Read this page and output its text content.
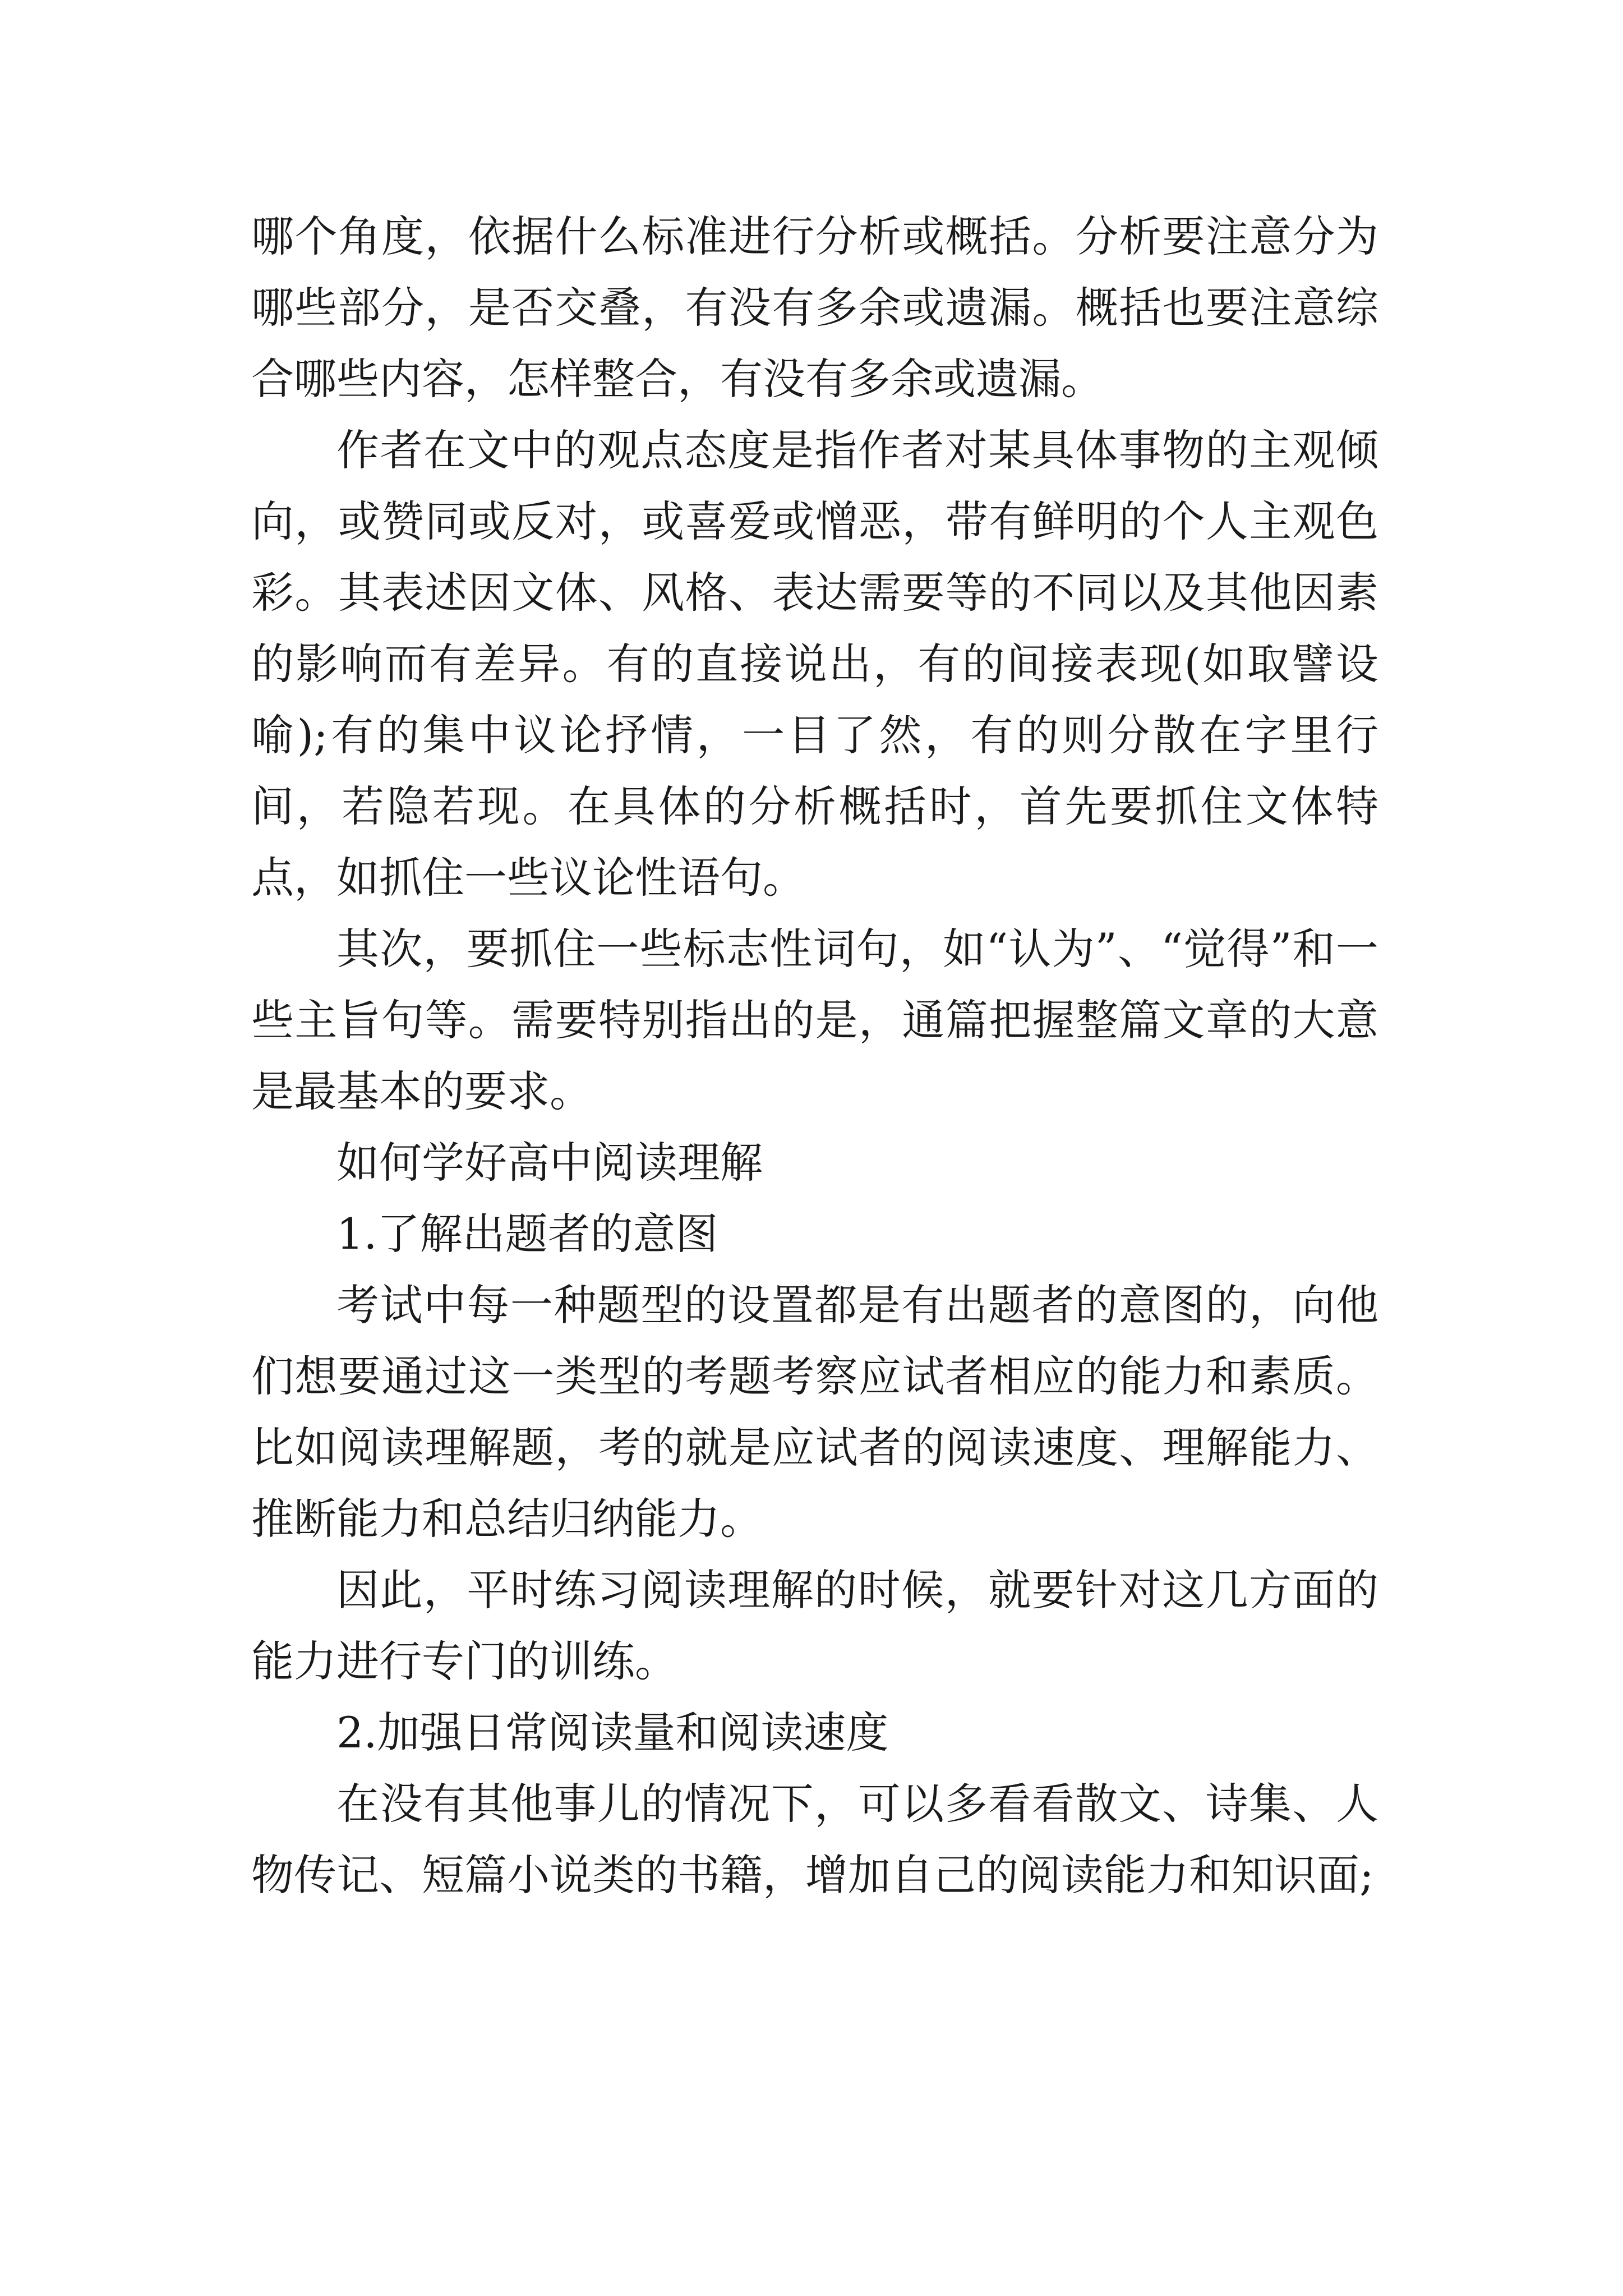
哪个角度，依据什么标准进行分析或概括。分析要注意分为哪些部分，是否交叠，有没有多余或遗漏。概括也要注意综合哪些内容，怎样整合，有没有多余或遗漏。

作者在文中的观点态度是指作者对某具体事物的主观倾向，或赞同或反对，或喜爱或憎恶，带有鲜明的个人主观色彩。其表述因文体、风格、表达需要等的不同以及其他因素的影响而有差异。有的直接说出，有的间接表现(如取譬设喻);有的集中议论抒情，一目了然，有的则分散在字里行间，若隐若现。在具体的分析概括时，首先要抓住文体特点，如抓住一些议论性语句。

其次，要抓住一些标志性词句，如“认为”、“觉得”和一些主旨句等。需要特别指出的是，通篇把握整篇文章的大意是最基本的要求。

如何学好高中阅读理解

1.了解出题者的意图

考试中每一种题型的设置都是有出题者的意图的，向他们想要通过这一类型的考题考察应试者相应的能力和素质。比如阅读理解题，考的就是应试者的阅读速度、理解能力、推断能力和总结归纳能力。

因此，平时练习阅读理解的时候，就要针对这几方面的能力进行专门的训练。

2.加强日常阅读量和阅读速度

在没有其他事儿的情况下，可以多看看散文、诗集、人物传记、短篇小说类的书籍，增加自己的阅读能力和知识面;
